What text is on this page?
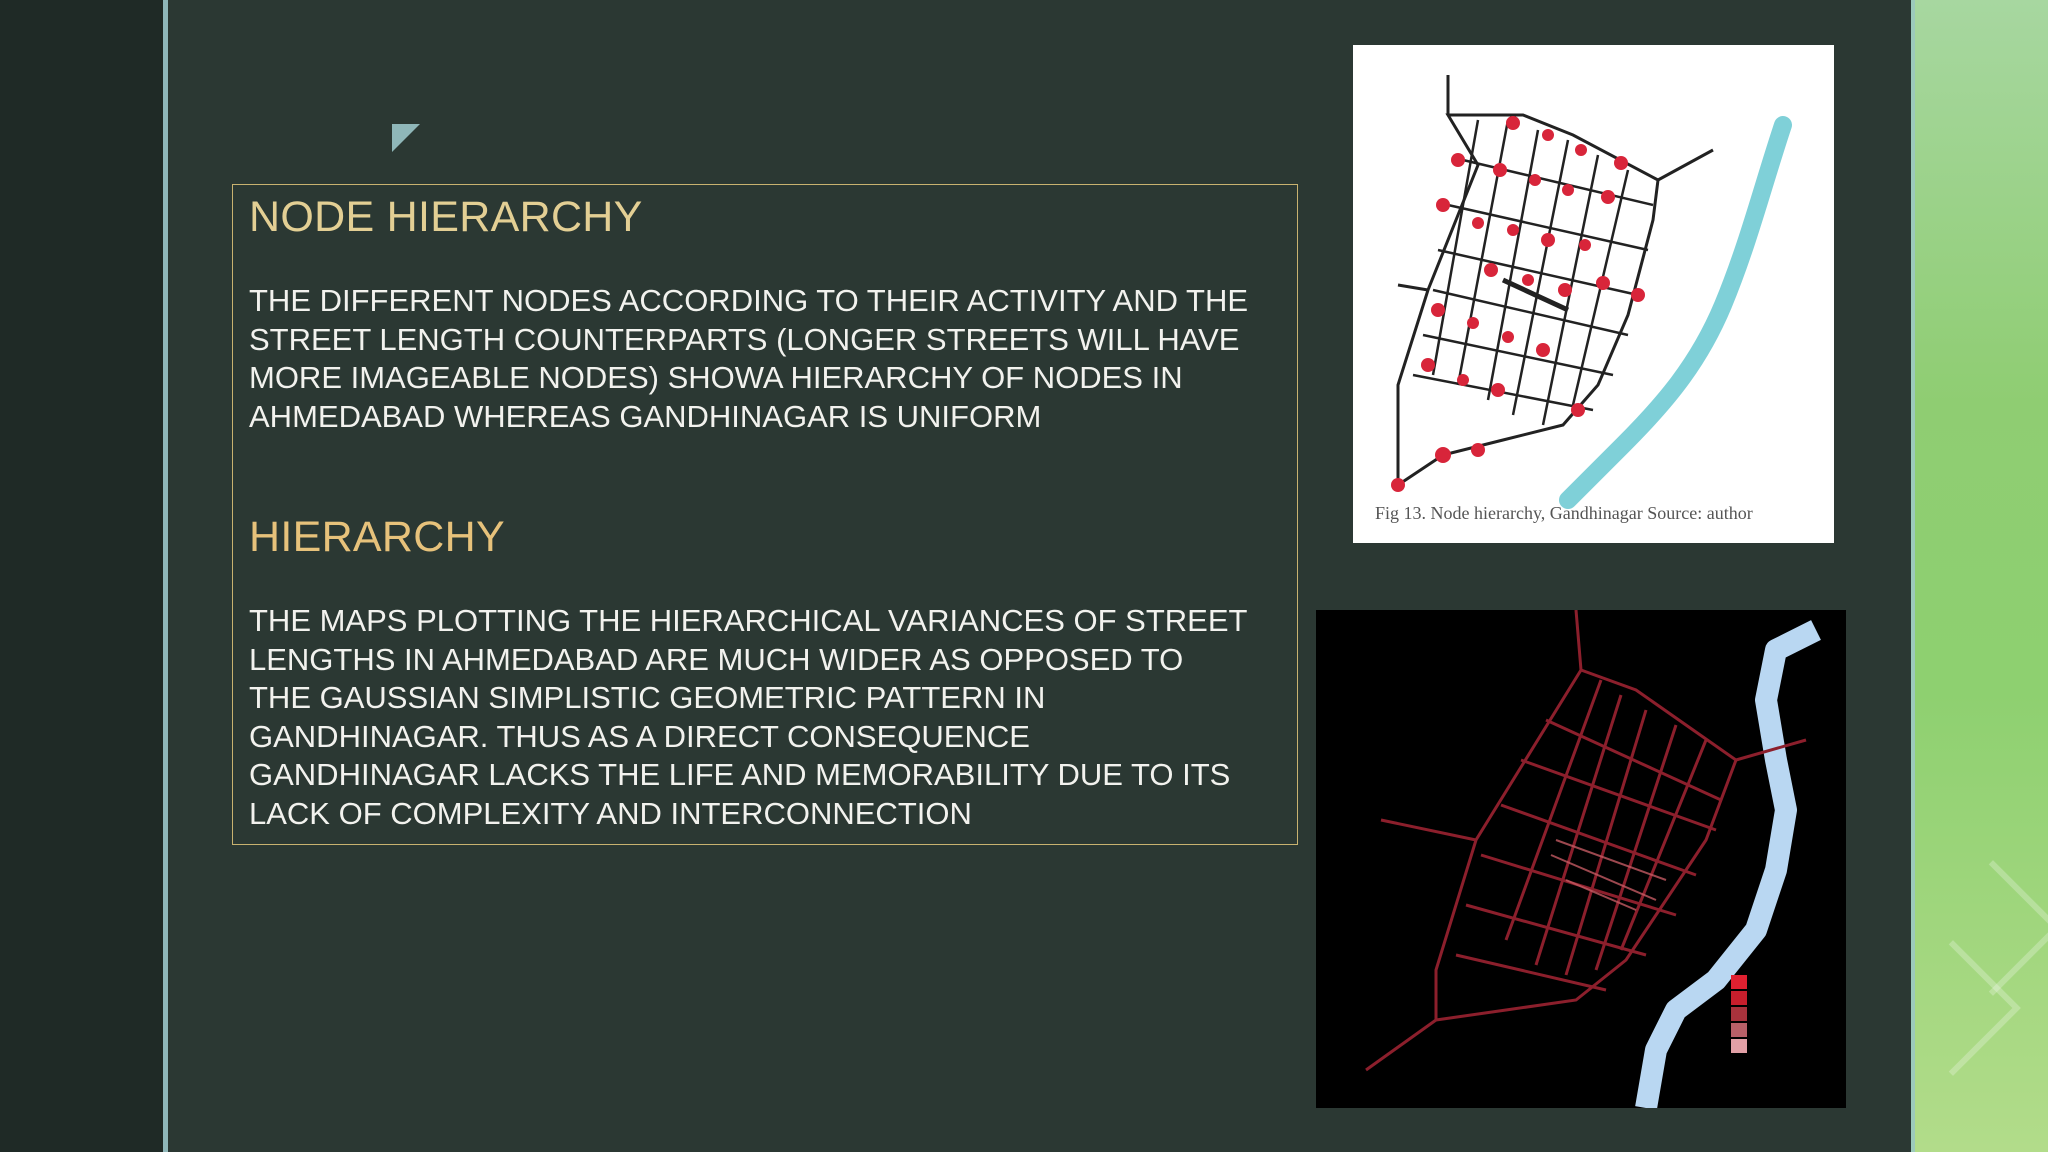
NODE HIERARCHY
THE DIFFERENT NODES ACCORDING TO THEIR ACTIVITY AND THE
STREET LENGTH COUNTERPARTS (LONGER STREETS WILL HAVE
MORE IMAGEABLE NODES) SHOWA HIERARCHY OF NODES IN
AHMEDABAD WHEREAS GANDHINAGAR IS UNIFORM
HIERARCHY
THE MAPS PLOTTING THE HIERARCHICAL VARIANCES OF STREET
LENGTHS IN AHMEDABAD ARE MUCH WIDER AS OPPOSED TO
THE GAUSSIAN SIMPLISTIC GEOMETRIC PATTERN IN
GANDHINAGAR. THUS AS A DIRECT CONSEQUENCE
GANDHINAGAR LACKS THE LIFE AND MEMORABILITY DUE TO ITS
LACK OF COMPLEXITY AND INTERCONNECTION
Fig 13. Node hierarchy, Gandhinagar Source: author
